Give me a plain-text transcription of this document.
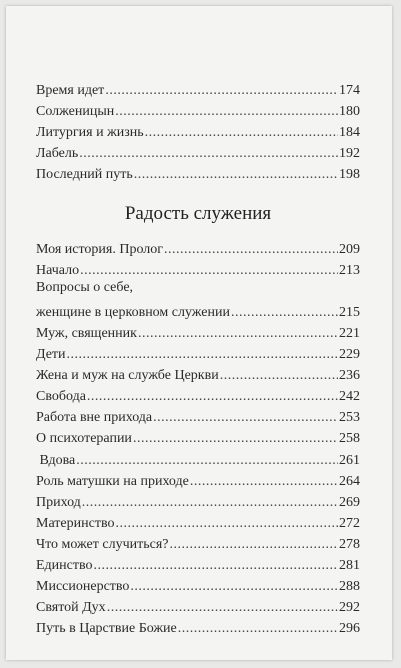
Время идет .....	174
Солженицын .....	180
Литургия и жизнь .....	184
Лабель .....	192
Последний путь .....	198
Радость служения
Моя история. Пролог .....	209
Начало .....	213
Вопросы о себе,
женщине в церковном служении .....	215
Муж, священник .....	221
Дети .....	229
Жена и муж на службе Церкви .....	236
Свобода .....	242
Работа вне прихода .....	253
О психотерапии .....	258
Вдова .....	261
Роль матушки на приходе .....	264
Приход .....	269
Материнство .....	272
Что может случиться? .....	278
Единство .....	281
Миссионерство .....	288
Святой Дух .....	292
Путь в Царствие Божие .....	296
